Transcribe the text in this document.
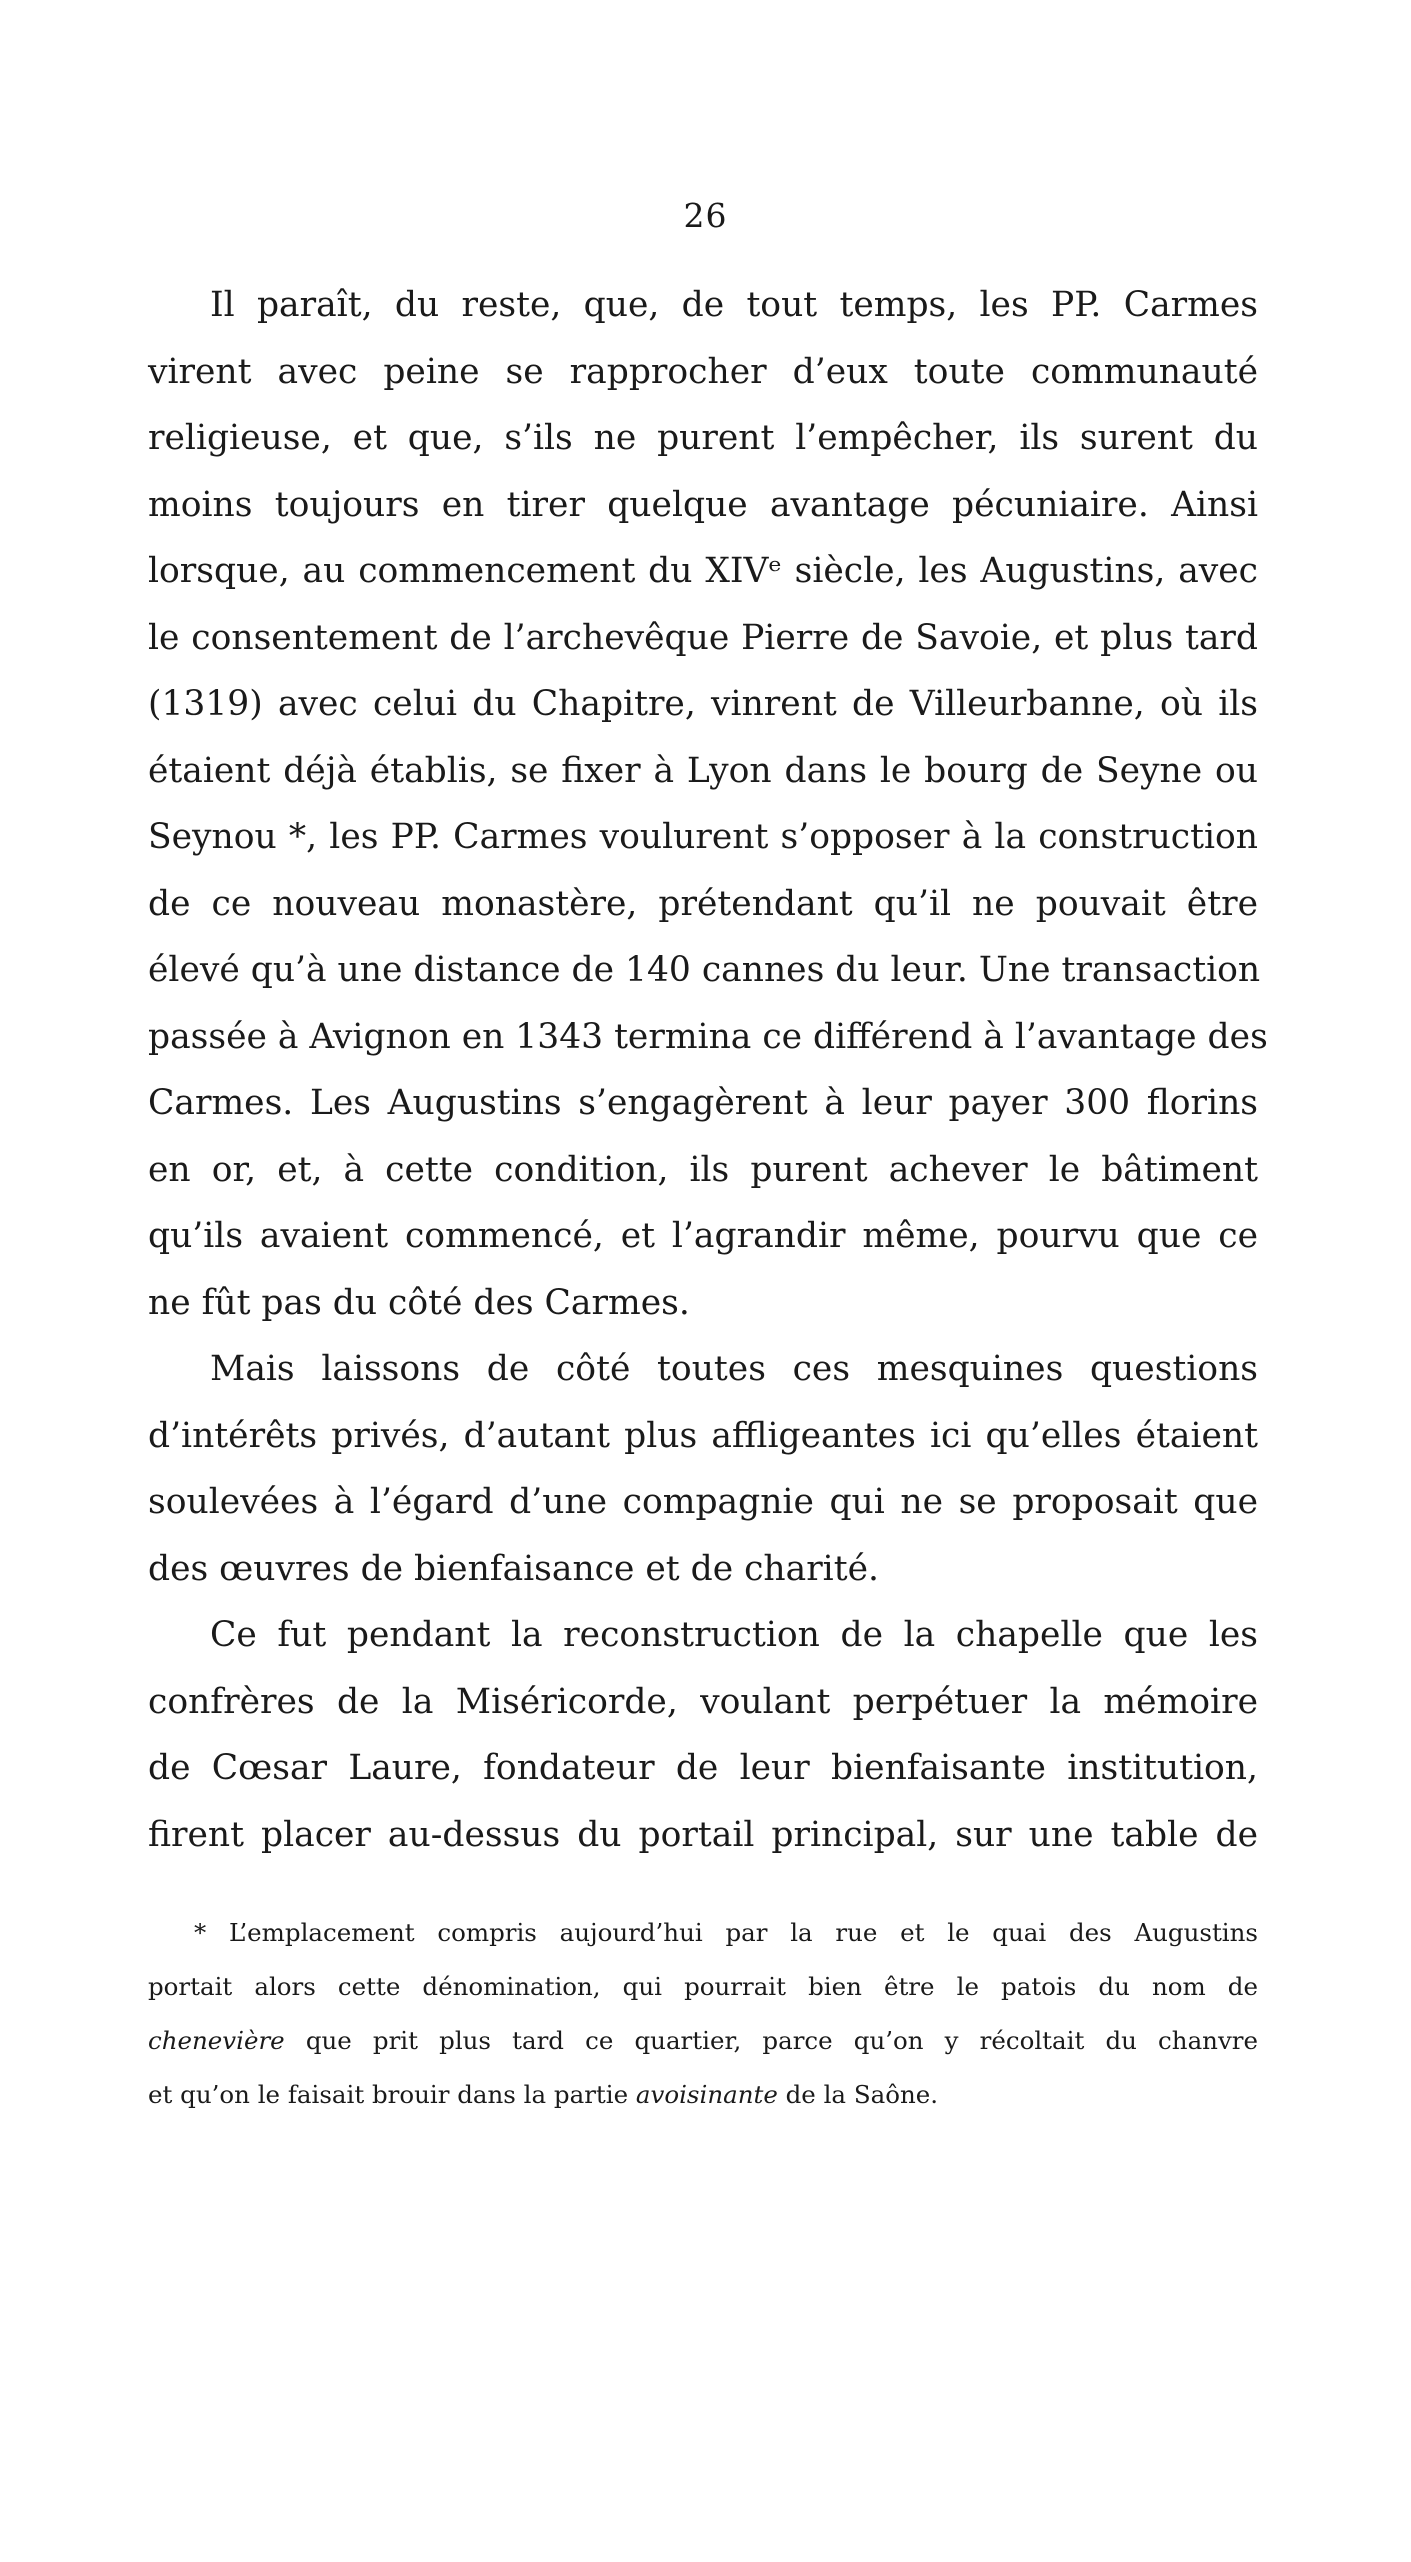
26
Il paraît, du reste, que, de tout temps, les PP. Carmes
virent avec peine se rapprocher d’eux toute communauté
religieuse, et que, s’ils ne purent l’empêcher, ils surent du
moins toujours en tirer quelque avantage pécuniaire. Ainsi
lorsque, au commencement du XIVᵉ siècle, les Augustins, avec
le consentement de l’archevêque Pierre de Savoie, et plus tard
(1319) avec celui du Chapitre, vinrent de Villeurbanne, où ils
étaient déjà établis, se fixer à Lyon dans le bourg de Seyne ou
Seynou *, les PP. Carmes voulurent s’opposer à la construction
de ce nouveau monastère, prétendant qu’il ne pouvait être
élevé qu’à une distance de 140 cannes du leur. Une transaction
passée à Avignon en 1343 termina ce différend à l’avantage des
Carmes. Les Augustins s’engagèrent à leur payer 300 florins
en or, et, à cette condition, ils purent achever le bâtiment
qu’ils avaient commencé, et l’agrandir même, pourvu que ce
ne fût pas du côté des Carmes.
Mais laissons de côté toutes ces mesquines questions
d’intérêts privés, d’autant plus affligeantes ici qu’elles étaient
soulevées à l’égard d’une compagnie qui ne se proposait que
des œuvres de bienfaisance et de charité.
Ce fut pendant la reconstruction de la chapelle que les
confrères de la Miséricorde, voulant perpétuer la mémoire
de Cœsar Laure, fondateur de leur bienfaisante institution,
firent placer au-dessus du portail principal, sur une table de
* L’emplacement compris aujourd’hui par la rue et le quai des Augustins
portait alors cette dénomination, qui pourrait bien être le patois du nom de
chenevière que prit plus tard ce quartier, parce qu’on y récoltait du chanvre
et qu’on le faisait brouir dans la partie avoisinante de la Saône.
